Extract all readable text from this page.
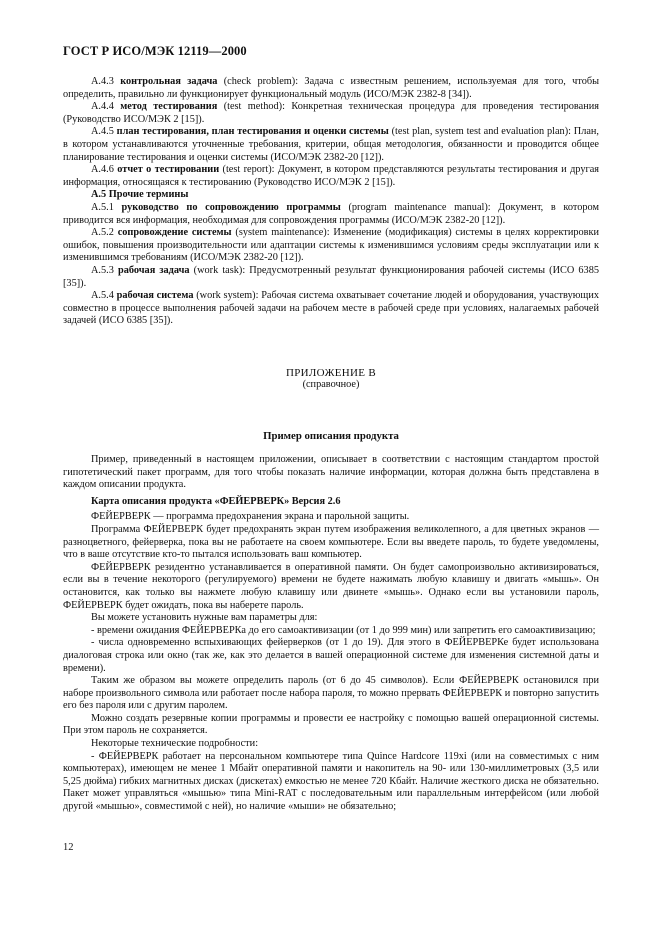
ГОСТ Р ИСО/МЭК 12119—2000

А.4.3 контрольная задача (check problem): Задача с известным решением, используемая для того, чтобы определить, правильно ли функционирует функциональный модуль (ИСО/МЭК 2382-8 [34]).

А.4.4 метод тестирования (test method): Конкретная техническая процедура для проведения тестирования (Руководство ИСО/МЭК 2 [15]).

А.4.5 план тестирования, план тестирования и оценки системы (test plan, system test and evaluation plan): План, в котором устанавливаются уточненные требования, критерии, общая методология, обязанности и проводится общее планирование тестирования и оценки системы (ИСО/МЭК 2382-20 [12]).

А.4.6 отчет о тестировании (test report): Документ, в котором представляются результаты тестирования и другая информация, относящаяся к тестированию (Руководство ИСО/МЭК 2 [15]).

А.5 Прочие термины

А.5.1 руководство по сопровождению программы (program maintenance manual): Документ, в котором приводится вся информация, необходимая для сопровождения программы (ИСО/МЭК 2382-20 [12]).

А.5.2 сопровождение системы (system maintenance): Изменение (модификация) системы в целях корректировки ошибок, повышения производительности или адаптации системы к изменившимся условиям среды эксплуатации или к изменившимся требованиям (ИСО/МЭК 2382-20 [12]).

А.5.3 рабочая задача (work task): Предусмотренный результат функционирования рабочей системы (ИСО 6385 [35]).

А.5.4 рабочая система (work system): Рабочая система охватывает сочетание людей и оборудования, участвующих совместно в процессе выполнения рабочей задачи на рабочем месте в рабочей среде при условиях, налагаемых рабочей задачей (ИСО 6385 [35]).

ПРИЛОЖЕНИЕ В
(справочное)
Пример описания продукта

Пример, приведенный в настоящем приложении, описывает в соответствии с настоящим стандартом простой гипотетический пакет программ, для того чтобы показать наличие информации, которая должна быть представлена в каждом описании продукта.

Карта описания продукта «ФЕЙЕРВЕРК» Версия 2.6

ФЕЙЕРВЕРК — программа предохранения экрана и парольной защиты.

Программа ФЕЙЕРВЕРК будет предохранять экран путем изображения великолепного, а для цветных экранов — разноцветного, фейерверка, пока вы не работаете на своем компьютере. Если вы введете пароль, то будете уведомлены, что в ваше отсутствие кто-то пытался использовать ваш компьютер.

ФЕЙЕРВЕРК резидентно устанавливается в оперативной памяти. Он будет самопроизвольно активизироваться, если вы в течение некоторого (регулируемого) времени не будете нажимать любую клавишу и двигать «мышь». Он остановится, как только вы нажмете любую клавишу или двинете «мышь». Однако если вы установили пароль, ФЕЙЕРВЕРК будет ожидать, пока вы наберете пароль.

Вы можете установить нужные вам параметры для:

- времени ожидания ФЕЙЕРВЕРКа до его самоактивизации (от 1 до 999 мин) или запретить его самоактивизацию;

- числа одновременно вспыхивающих фейерверков (от 1 до 19). Для этого в ФЕЙЕРВЕРКе будет использована диалоговая строка или окно (так же, как это делается в вашей операционной системе для изменения системной даты и времени).

Таким же образом вы можете определить пароль (от 6 до 45 символов). Если ФЕЙЕРВЕРК остановился при наборе произвольного символа или работает после набора пароля, то можно прервать ФЕЙЕРВЕРК и повторно запустить его без пароля или с другим паролем.

Можно создать резервные копии программы и провести ее настройку с помощью вашей операционной системы. При этом пароль не сохраняется.

Некоторые технические подробности:

- ФЕЙЕРВЕРК работает на персональном компьютере типа Quince Hardcore 119xi (или на совместимых с ним компьютерах), имеющем не менее 1 Мбайт оперативной памяти и накопитель на 90- или 130-миллиметровых (3,5 или 5,25 дюйма) гибких магнитных дисках (дискетах) емкостью не менее 720 Кбайт. Наличие жесткого диска не обязательно. Пакет может управляться «мышью» типа Mini-RAT с последовательным или параллельным интерфейсом (или любой другой «мышью», совместимой с ней), но наличие «мыши» не обязательно;

12
